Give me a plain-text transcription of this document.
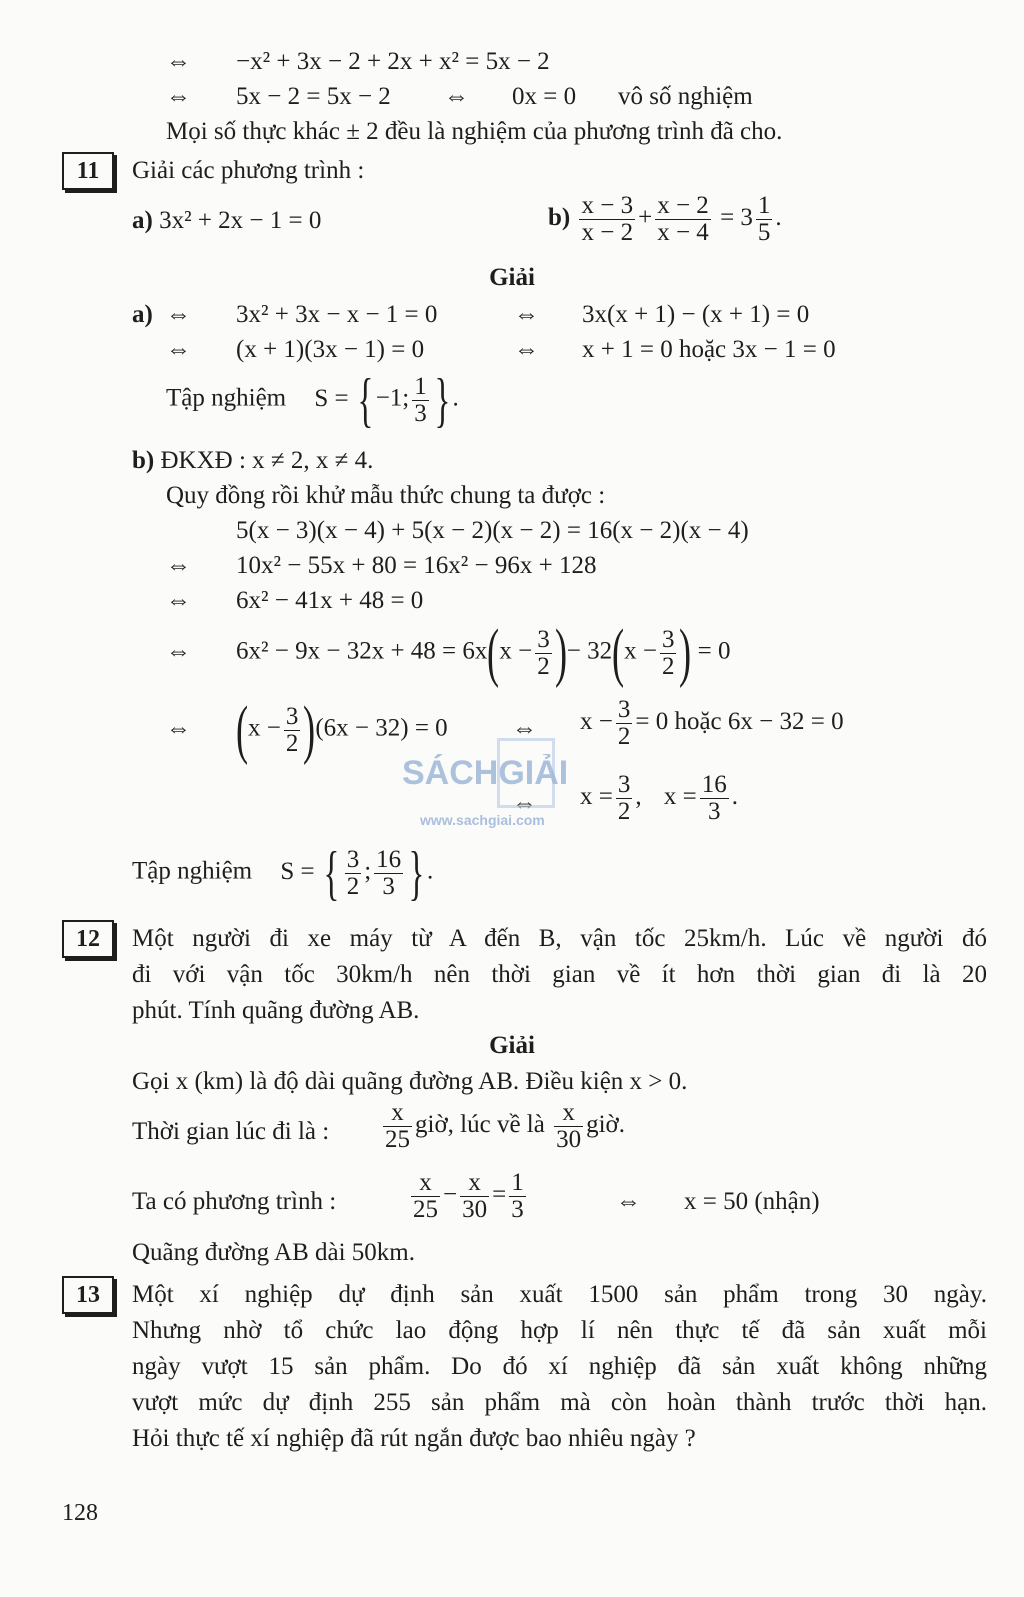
⇔ −x² + 3x − 2 + 2x + x² = 5x − 2
⇔ 5x − 2 = 5x − 2 ⇔ 0x = 0 vô số nghiệm
Mọi số thực khác ± 2 đều là nghiệm của phương trình đã cho.
11	Giải các phương trình :
a) 3x² + 2x − 1 = 0	$b) \frac{x - 3}{x - 2} + \frac{x - 2}{x - 4} = 3 \frac{1}{5}$ .
Giải
a) ⇔ 3x² + 3x − x − 1 = 0	⇔ 3x(x + 1) − (x + 1) = 0
⇔ (x + 1)(3x − 1) = 0	⇔ x + 1 = 0 hoặc 3x − 1 = 0
Tập nghiệm S = {−1; $\frac{1}{3}$ }.
b) ĐKXĐ : x ≠ 2, x ≠ 4.
Quy đồng rồi khử mẫu thức chung ta được :
5(x − 3)(x − 4) + 5(x − 2)(x − 2) = 16(x − 2)(x − 4)
⇔ 10x² − 55x + 80 = 16x² − 96x + 128
⇔ 6x² − 41x + 48 = 0
⇔ $6x^2 - 9x - 32x + 48 = 6x(x - \frac{3}{2}$ )− $32(x - \frac{3}{2}$ ) = 0
⇔ $(x - \frac{3}{2} )(6x - 32) = 0$	⇔ $x - \frac{3}{2} = 0$ hoặc 6x − 32 = 0
⇔ $x = \frac{3}{2}$ , $x = \frac{16}{3}$ .
Tập nghiệm S = { $\frac{3}{2}$ ; $\frac{16}{3}$ }.
SÁCHGIẢI
www.sachgiai.com
12	Một người đi xe máy từ A đến B, vận tốc 25km/h. Lúc về người đó
đi với vận tốc 30km/h nên thời gian về ít hơn thời gian đi là 20
phút. Tính quãng đường AB.
Giải
Gọi x (km) là độ dài quãng đường AB. Điều kiện x > 0.
Thời gian lúc đi là : $\frac{x}{25}$ giờ, lúc về là $\frac{x}{30}$ giờ.
Ta có phương trình :	$\frac{x}{25} - \frac{x}{30} = \frac{1}{3}$	⇔ x = 50 (nhận)
Quãng đường AB dài 50km.
13	Một xí nghiệp dự định sản xuất 1500 sản phẩm trong 30 ngày.
Nhưng nhờ tổ chức lao động hợp lí nên thực tế đã sản xuất mỗi
ngày vượt 15 sản phẩm. Do đó xí nghiệp đã sản xuất không những
vượt mức dự định 255 sản phẩm mà còn hoàn thành trước thời hạn.
Hỏi thực tế xí nghiệp đã rút ngắn được bao nhiêu ngày ?
128
